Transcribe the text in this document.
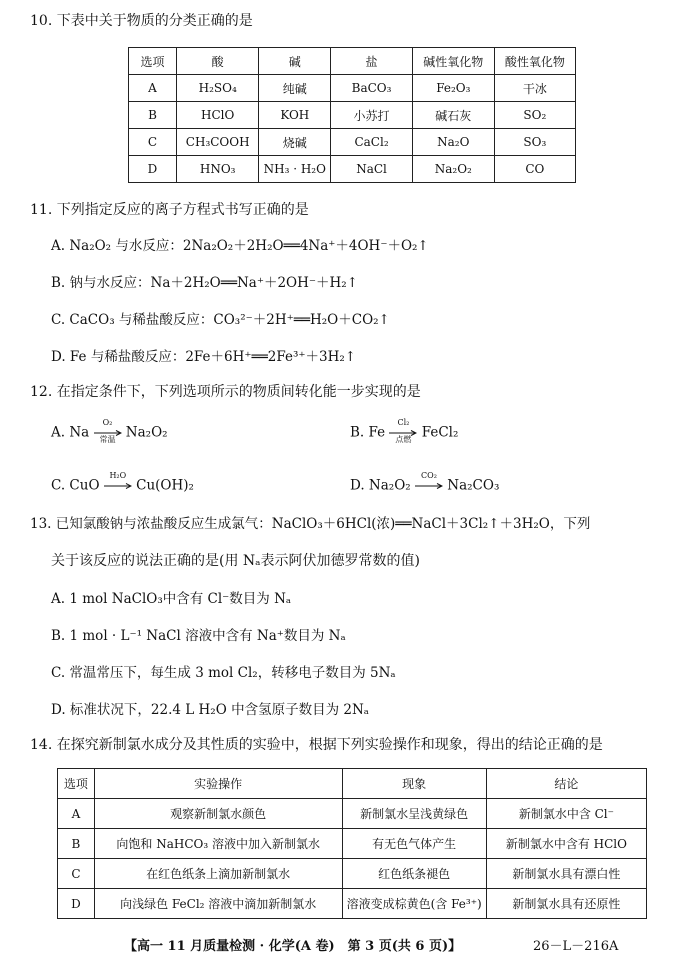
10. 下表中关于物质的分类正确的是
选项	酸	碱	盐	碱性氧化物	酸性氧化物
A	H₂SO₄	纯碱	BaCO₃	Fe₂O₃	干冰
B	HClO	KOH	小苏打	碱石灰	SO₂
C	CH₃COOH	烧碱	CaCl₂	Na₂O	SO₃
D	HNO₃	NH₃ · H₂O	NaCl	Na₂O₂	CO
11. 下列指定反应的离子方程式书写正确的是
A. Na₂O₂ 与水反应：2Na₂O₂＋2H₂O══4Na⁺＋4OH⁻＋O₂↑
B. 钠与水反应：Na＋2H₂O══Na⁺＋2OH⁻＋H₂↑
C. CaCO₃ 与稀盐酸反应：CO₃²⁻＋2H⁺══H₂O＋CO₂↑
D. Fe 与稀盐酸反应：2Fe＋6H⁺══2Fe³⁺＋3H₂↑
12. 在指定条件下，下列选项所示的物质间转化能一步实现的是
A. Na
O₂
常温 Na₂O₂	B. Fe
Cl₂
点燃 FeCl₂
C. CuO
H₂O
Cu(OH)₂	D. Na₂O₂
CO₂
Na₂CO₃
13. 已知氯酸钠与浓盐酸反应生成氯气：NaClO₃＋6HCl(浓)══NaCl＋3Cl₂↑＋3H₂O，下列
关于该反应的说法正确的是(用 Nₐ表示阿伏加德罗常数的值)
A. 1 mol NaClO₃中含有 Cl⁻数目为 Nₐ
B. 1 mol · L⁻¹ NaCl 溶液中含有 Na⁺数目为 Nₐ
C. 常温常压下，每生成 3 mol Cl₂，转移电子数目为 5Nₐ
D. 标准状况下，22.4 L H₂O 中含氢原子数目为 2Nₐ
14. 在探究新制氯水成分及其性质的实验中，根据下列实验操作和现象，得出的结论正确的是
选项	实验操作	现象	结论
A	观察新制氯水颜色	新制氯水呈浅黄绿色	新制氯水中含 Cl⁻
B	向饱和 NaHCO₃ 溶液中加入新制氯水	有无色气体产生	新制氯水中含有 HClO
C	在红色纸条上滴加新制氯水	红色纸条褪色	新制氯水具有漂白性
D	向浅绿色 FeCl₂ 溶液中滴加新制氯水	溶液变成棕黄色(含 Fe³⁺)	新制氯水具有还原性
【高一 11 月质量检测 · 化学(A 卷)　第 3 页(共 6 页)】	26－L－216A
